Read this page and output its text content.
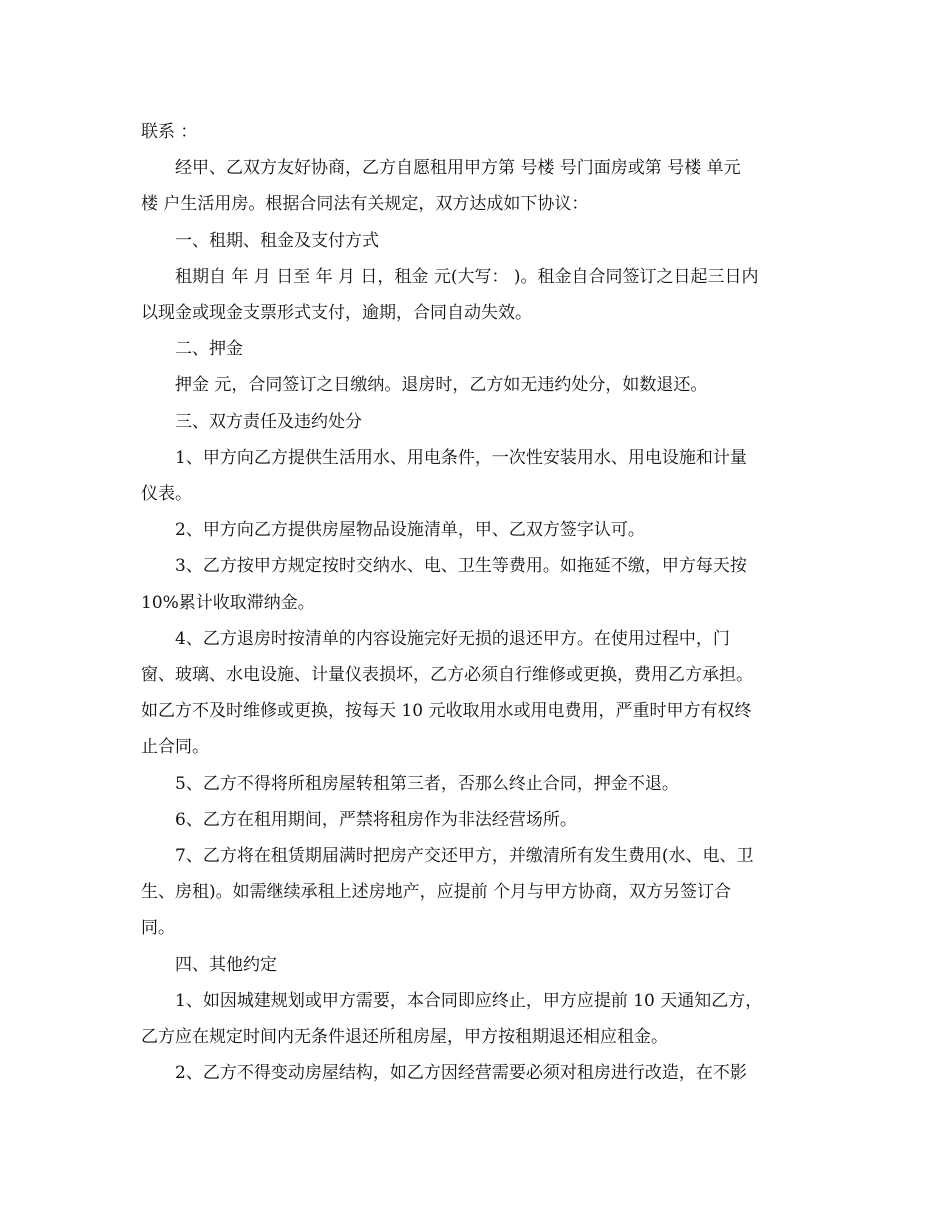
联系 ：

经甲、乙双方友好协商，乙方自愿租用甲方第 号楼 号门面房或第 号楼 单元
楼 户生活用房。根据合同法有关规定，双方达成如下协议：

一、租期、租金及支付方式

租期自 年 月 日至 年 月 日，租金 元(大写： )。租金自合同签订之日起三日内
以现金或现金支票形式支付，逾期，合同自动失效。

二、押金

押金 元，合同签订之日缴纳。退房时，乙方如无违约处分，如数退还。

三、双方责任及违约处分

1、甲方向乙方提供生活用水、用电条件，一次性安装用水、用电设施和计量
仪表。

2、甲方向乙方提供房屋物品设施清单，甲、乙双方签字认可。

3、乙方按甲方规定按时交纳水、电、卫生等费用。如拖延不缴，甲方每天按
10%累计收取滞纳金。

4、乙方退房时按清单的内容设施完好无损的退还甲方。在使用过程中，门
窗、玻璃、水电设施、计量仪表损坏，乙方必须自行维修或更换，费用乙方承担。
如乙方不及时维修或更换，按每天 10 元收取用水或用电费用，严重时甲方有权终
止合同。

5、乙方不得将所租房屋转租第三者，否那么终止合同，押金不退。

6、乙方在租用期间，严禁将租房作为非法经营场所。

7、乙方将在租赁期届满时把房产交还甲方，并缴清所有发生费用(水、电、卫
生、房租)。如需继续承租上述房地产，应提前 个月与甲方协商，双方另签订合
同。

四、其他约定

1、如因城建规划或甲方需要，本合同即应终止，甲方应提前 10 天通知乙方，
乙方应在规定时间内无条件退还所租房屋，甲方按租期退还相应租金。

2、乙方不得变动房屋结构，如乙方因经营需要必须对租房进行改造，在不影
